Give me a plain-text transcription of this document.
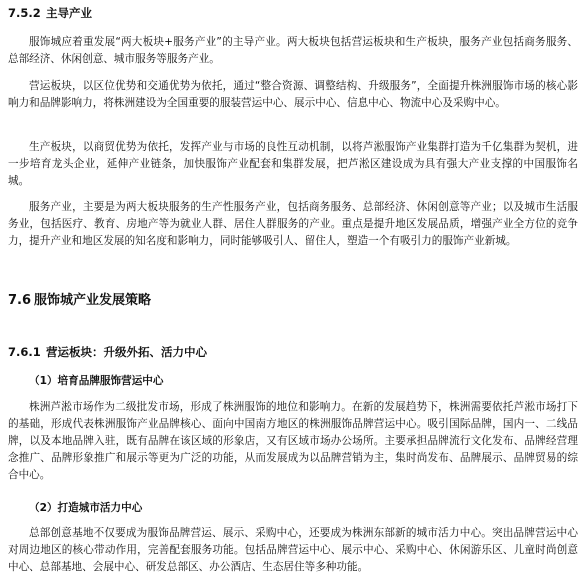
7.5.2 主导产业

服饰城应着重发展“两大板块+服务产业”的主导产业。两大板块包括营运板块和生产板块，服务产业包括商务服务、总部经济、休闲创意、城市服务等服务产业。

营运板块，以区位优势和交通优势为依托，通过“整合资源、调整结构、升级服务”，全面提升株洲服饰市场的核心影响力和品牌影响力，将株洲建设为全国重要的服装营运中心、展示中心、信息中心、物流中心及采购中心。

生产板块，以商贸优势为依托，发挥产业与市场的良性互动机制，以将芦淞服饰产业集群打造为千亿集群为契机，进一步培育龙头企业，延伸产业链条，加快服饰产业配套和集群发展，把芦淞区建设成为具有强大产业支撑的中国服饰名城。

服务产业，主要是为两大板块服务的生产性服务产业，包括商务服务、总部经济、休闲创意等产业；以及城市生活服务业，包括医疗、教育、房地产等为就业人群、居住人群服务的产业。重点是提升地区发展品质，增强产业全方位的竞争力，提升产业和地区发展的知名度和影响力，同时能够吸引人、留住人，塑造一个有吸引力的服饰产业新城。

7.6 服饰城产业发展策略
7.6.1 营运板块：升级外拓、活力中心
（1）培育品牌服饰营运中心

株洲芦淞市场作为二级批发市场，形成了株洲服饰的地位和影响力。在新的发展趋势下，株洲需要依托芦淞市场打下的基础，形成代表株洲服饰产业品牌核心、面向中国南方地区的株洲服饰品牌营运中心。吸引国际品牌，国内一、二线品牌，以及本地品牌入驻，既有品牌在该区域的形象店，又有区域市场办公场所。主要承担品牌流行文化发布、品牌经营理念推广、品牌形象推广和展示等更为广泛的功能，从而发展成为以品牌营销为主，集时尚发布、品牌展示、品牌贸易的综合中心。

（2）打造城市活力中心

总部创意基地不仅要成为服饰品牌营运、展示、采购中心，还要成为株洲东部新的城市活力中心。突出品牌营运中心对周边地区的核心带动作用，完善配套服务功能。包括品牌营运中心、展示中心、采购中心、休闲游乐区、儿童时尚创意中心、总部基地、会展中心、研发总部区、办公酒店、生态居住等多种功能。
